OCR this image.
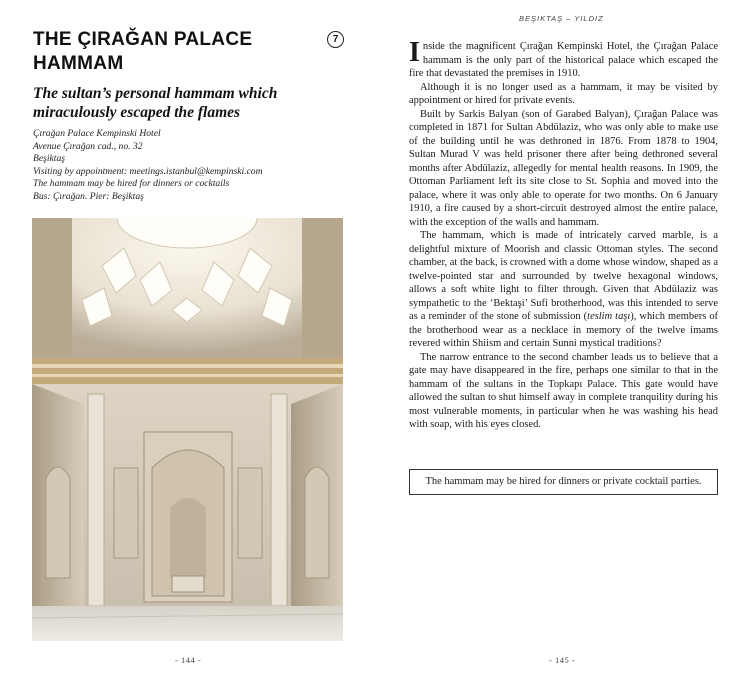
THE ÇIRAĞAN PALACE HAMMAM
7
The sultan’s personal hammam which miraculously escaped the flames
Çırağan Palace Kempinski Hotel
Avenue Çırağan cad., no. 32
Beşiktaş
Visiting by appointment: meetings.istanbul@kempinski.com
The hammam may be hired for dinners or cocktails
Bus: Çırağan. Pier: Beşiktaş
- 144 -
BEŞIKTAŞ – YILDIZ

Inside the magnificent Çırağan Kempinski Hotel, the Çırağan Palace hammam is the only part of the historical palace which escaped the fire that devastated the premises in 1910.

Although it is no longer used as a hammam, it may be visited by appointment or hired for private events.

Built by Sarkis Balyan (son of Garabed Balyan), Çırağan Palace was completed in 1871 for Sultan Abdülaziz, who was only able to make use of the building until he was dethroned in 1876. From 1878 to 1904, Sultan Murad V was held prisoner there after being dethroned several months after Abdülaziz, allegedly for mental health reasons. In 1909, the Ottoman Parliament left its site close to St. Sophia and moved into the palace, where it was only able to operate for two months. On 6 January 1910, a fire caused by a short-circuit destroyed almost the entire palace, with the exception of the walls and hammam.

The hammam, which is made of intricately carved marble, is a delightful mixture of Moorish and classic Ottoman styles. The second chamber, at the back, is crowned with a dome whose window, shaped as a twelve-pointed star and surrounded by twelve hexagonal windows, allows a soft white light to filter through. Given that Abdülaziz was sympathetic to the ‘Bektaşi’ Sufi brotherhood, was this intended to serve as a reminder of the stone of submission (teslim taşı), which members of the brotherhood wear as a necklace in memory of the twelve imams revered within Shiism and certain Sunni mystical traditions?

The narrow entrance to the second chamber leads us to believe that a gate may have disappeared in the fire, perhaps one similar to that in the hammam of the sultans in the Topkapı Palace. This gate would have allowed the sultan to shut himself away in complete tranquility during his most vulnerable moments, in particular when he was washing his head with soap, with his eyes closed.

The hammam may be hired for dinners or private cocktail parties.
- 145 -
